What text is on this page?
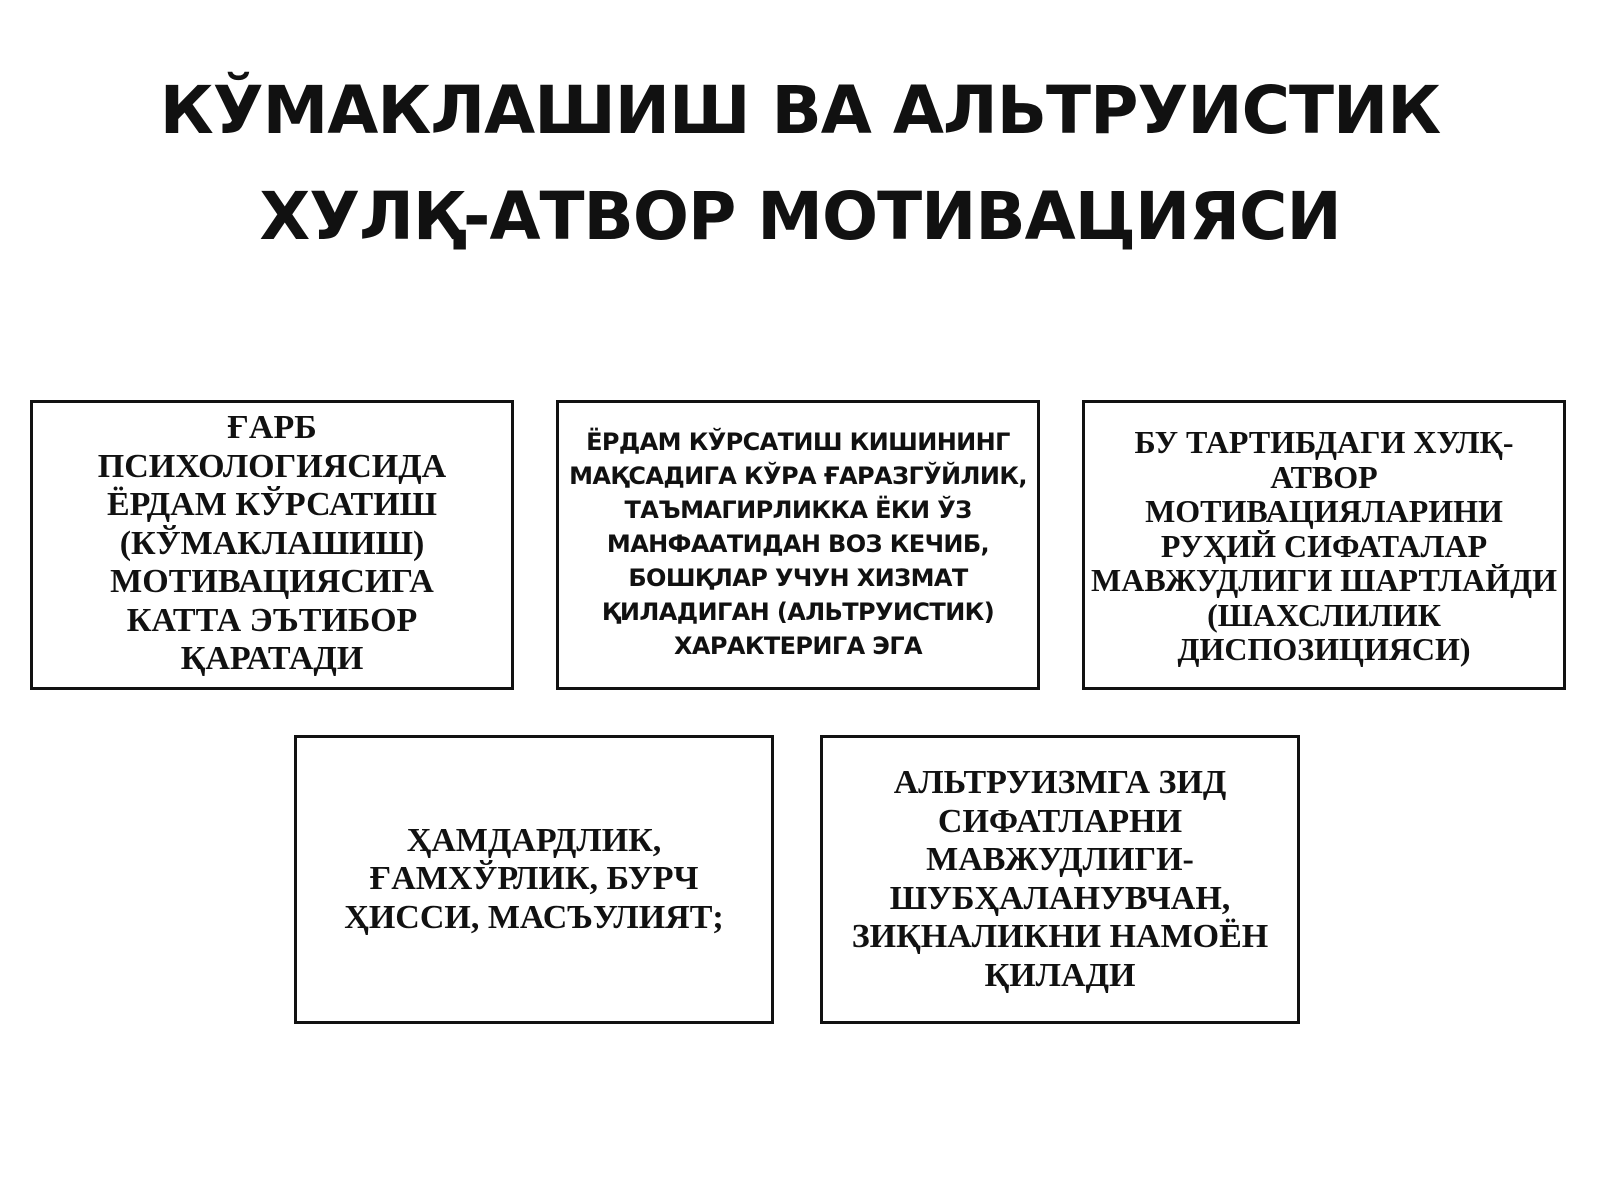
КЎМАКЛАШИШ ВА АЛЬТРУИСТИК
ХУЛҚ-АТВОР МОТИВАЦИЯСИ
ҒАРБ
ПСИХОЛОГИЯСИДА
ЁРДАМ КЎРСАТИШ
(КЎМАКЛАШИШ)
МОТИВАЦИЯСИГА
КАТТА ЭЪТИБОР
ҚАРАТАДИ
ЁРДАМ КЎРСАТИШ КИШИНИНГ
МАҚСАДИГА КЎРА ҒАРАЗГЎЙЛИК,
ТАЪМАГИРЛИККА ЁКИ ЎЗ
МАНФААТИДАН ВОЗ КЕЧИБ,
БОШҚЛАР УЧУН ХИЗМАТ
ҚИЛАДИГАН (АЛЬТРУИСТИК)
ХАРАКТЕРИГА ЭГА
БУ ТАРТИБДАГИ ХУЛҚ-
АТВОР
МОТИВАЦИЯЛАРИНИ
РУҲИЙ СИФАТАЛАР
МАВЖУДЛИГИ ШАРТЛАЙДИ
(ШАХСЛИЛИК
ДИСПОЗИЦИЯСИ)
ҲАМДАРДЛИК,
ҒАМХЎРЛИК, БУРЧ
ҲИССИ, МАСЪУЛИЯТ;
АЛЬТРУИЗМГА ЗИД
СИФАТЛАРНИ
МАВЖУДЛИГИ-
ШУБҲАЛАНУВЧАН,
ЗИҚНАЛИКНИ НАМОЁН
ҚИЛАДИ
